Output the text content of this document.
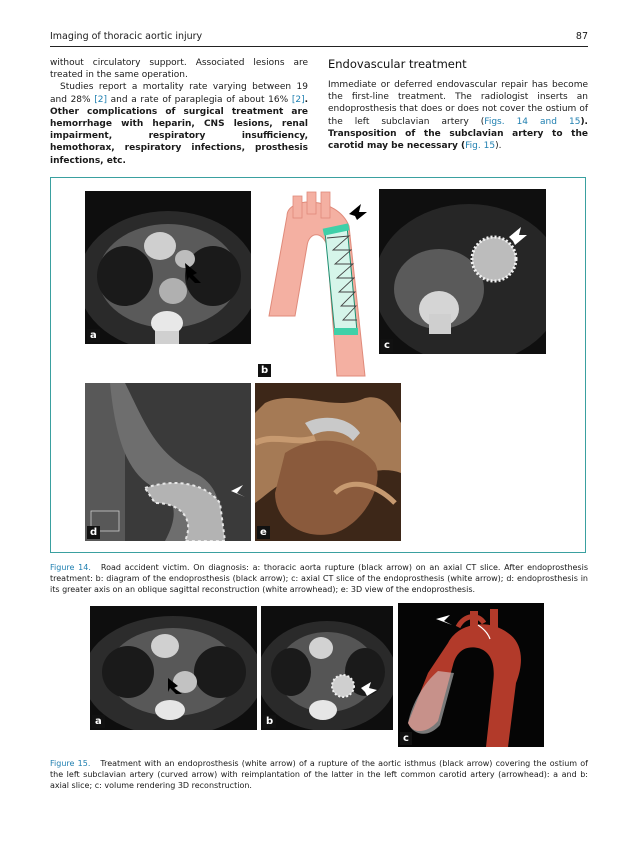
Imaging of thoracic aortic injury	87

without circulatory support. Associated lesions are treated in the same operation.

Studies report a mortality rate varying between 19 and 28% [2] and a rate of paraplegia of about 16% [2]. Other complications of surgical treatment are hemorrhage with heparin, CNS lesions, renal impairment, respiratory insufficiency, hemothorax, respiratory infections, prosthesis infections, etc.

Endovascular treatment

Immediate or deferred endovascular repair has become the first-line treatment. The radiologist inserts an endoprosthesis that does or does not cover the ostium of the left subclavian artery (Figs. 14 and 15). Transposition of the subclavian artery to the carotid may be necessary (Fig. 15).

a
b
c
d	e
Figure 14. Road accident victim. On diagnosis: a: thoracic aorta rupture (black arrow) on an axial CT slice. After endoprosthesis treatment: b: diagram of the endoprosthesis (black arrow); c: axial CT slice of the endoprosthesis (white arrow); d: endoprosthesis in its greater axis on an oblique sagittal reconstruction (white arrowhead); e: 3D view of the endoprosthesis.
a	b
c
Figure 15. Treatment with an endoprosthesis (white arrow) of a rupture of the aortic isthmus (black arrow) covering the ostium of the left subclavian artery (curved arrow) with reimplantation of the latter in the left common carotid artery (arrowhead): a and b: axial slice; c: volume rendering 3D reconstruction.
